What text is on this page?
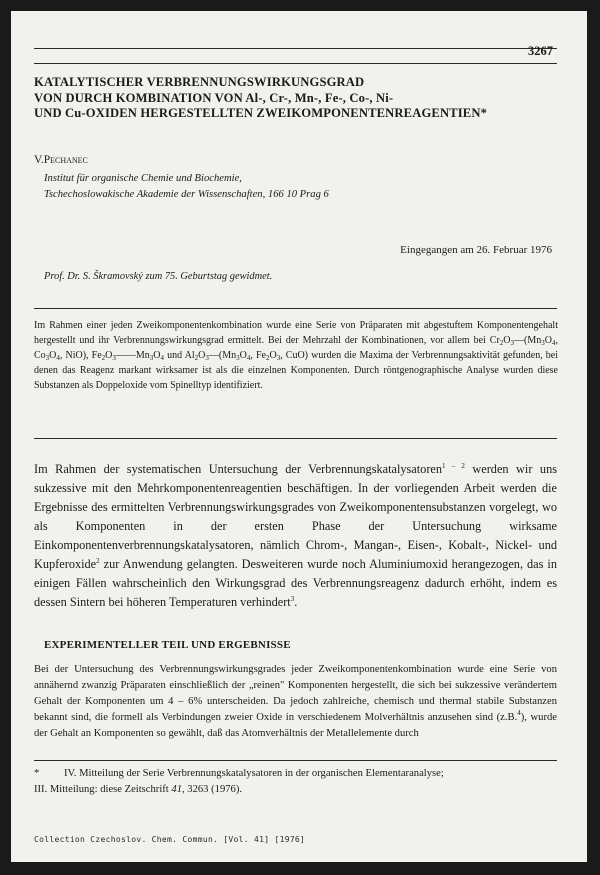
3267
KATALYTISCHER VERBRENNUNGSWIRKUNGSGRAD
VON DURCH KOMBINATION VON Al-, Cr-, Mn-, Fe-, Co-, Ni-
UND Cu-OXIDEN HERGESTELLTEN ZWEIKOMPONENTENREAGENTIEN*
V.Pechanec
Institut für organische Chemie und Biochemie,
Tschechoslowakische Akademie der Wissenschaften, 166 10 Prag 6
Eingegangen am 26. Februar 1976
Prof. Dr. S. Škramovský zum 75. Geburtstag gewidmet.
Im Rahmen einer jeden Zweikomponentenkombination wurde eine Serie von Präparaten mit abgestuftem Komponentengehalt hergestellt und ihr Verbrennungswirkungsgrad ermittelt. Bei der Mehrzahl der Kombinationen, vor allem bei $Cr_2O_3—(Mn_3O_4$, $Co_3O_4$, NiO), $Fe_2O_3——Mn_3O_4$ und $Al_2O_3—(Mn_3O_4$, $Fe_2O_3$, CuO) wurden die Maxima der Verbrennungsaktivität gefunden, bei denen das Reagenz markant wirksamer ist als die einzelnen Komponenten. Durch röntgenographische Analyse wurden diese Substanzen als Doppeloxide vom Spinelltyp identifiziert.
Im Rahmen der systematischen Untersuchung der Verbrennungskatalysatoren$^{1 - 2}$ werden wir uns sukzessive mit den Mehrkomponentenreagentien beschäftigen. In der vorliegenden Arbeit werden die Ergebnisse des ermittelten Verbrennungswirkungsgrades von Zweikomponentensubstanzen vorgelegt, wo als Komponenten in der ersten Phase der Untersuchung wirksame Einkomponentenverbrennungskatalysatoren, nämlich Chrom-, Mangan-, Eisen-, Kobalt-, Nickel- und Kupferoxide$^2$ zur Anwendung gelangten. Desweiteren wurde noch Aluminiumoxid herangezogen, das in einigen Fällen wahrscheinlich den Wirkungsgrad des Verbrennungsreagenz dadurch erhöht, indem es dessen Sintern bei höheren Temperaturen verhindert$^3$.
EXPERIMENTELLER TEIL UND ERGEBNISSE
Bei der Untersuchung des Verbrennungswirkungsgrades jeder Zweikomponentenkombination wurde eine Serie von annähernd zwanzig Präparaten einschließlich der „reinen" Komponenten hergestellt, die sich bei sukzessive verändertem Gehalt der Komponenten um 4 – 6% unterscheiden. Da jedoch zahlreiche, chemisch und thermal stabile Substanzen bekannt sind, die formell als Verbindungen zweier Oxide in verschiedenem Molverhältnis anzusehen sind (z.B.$^4$), wurde der Gehalt an Komponenten so gewählt, daß das Atomverhältnis der Metallelemente durch
* IV. Mitteilung der Serie Verbrennungskatalysatoren in der organischen Elementaranalyse;
III. Mitteilung: diese Zeitschrift 41, 3263 (1976).
Collection Czechoslov. Chem. Commun. [Vol. 41] [1976]
